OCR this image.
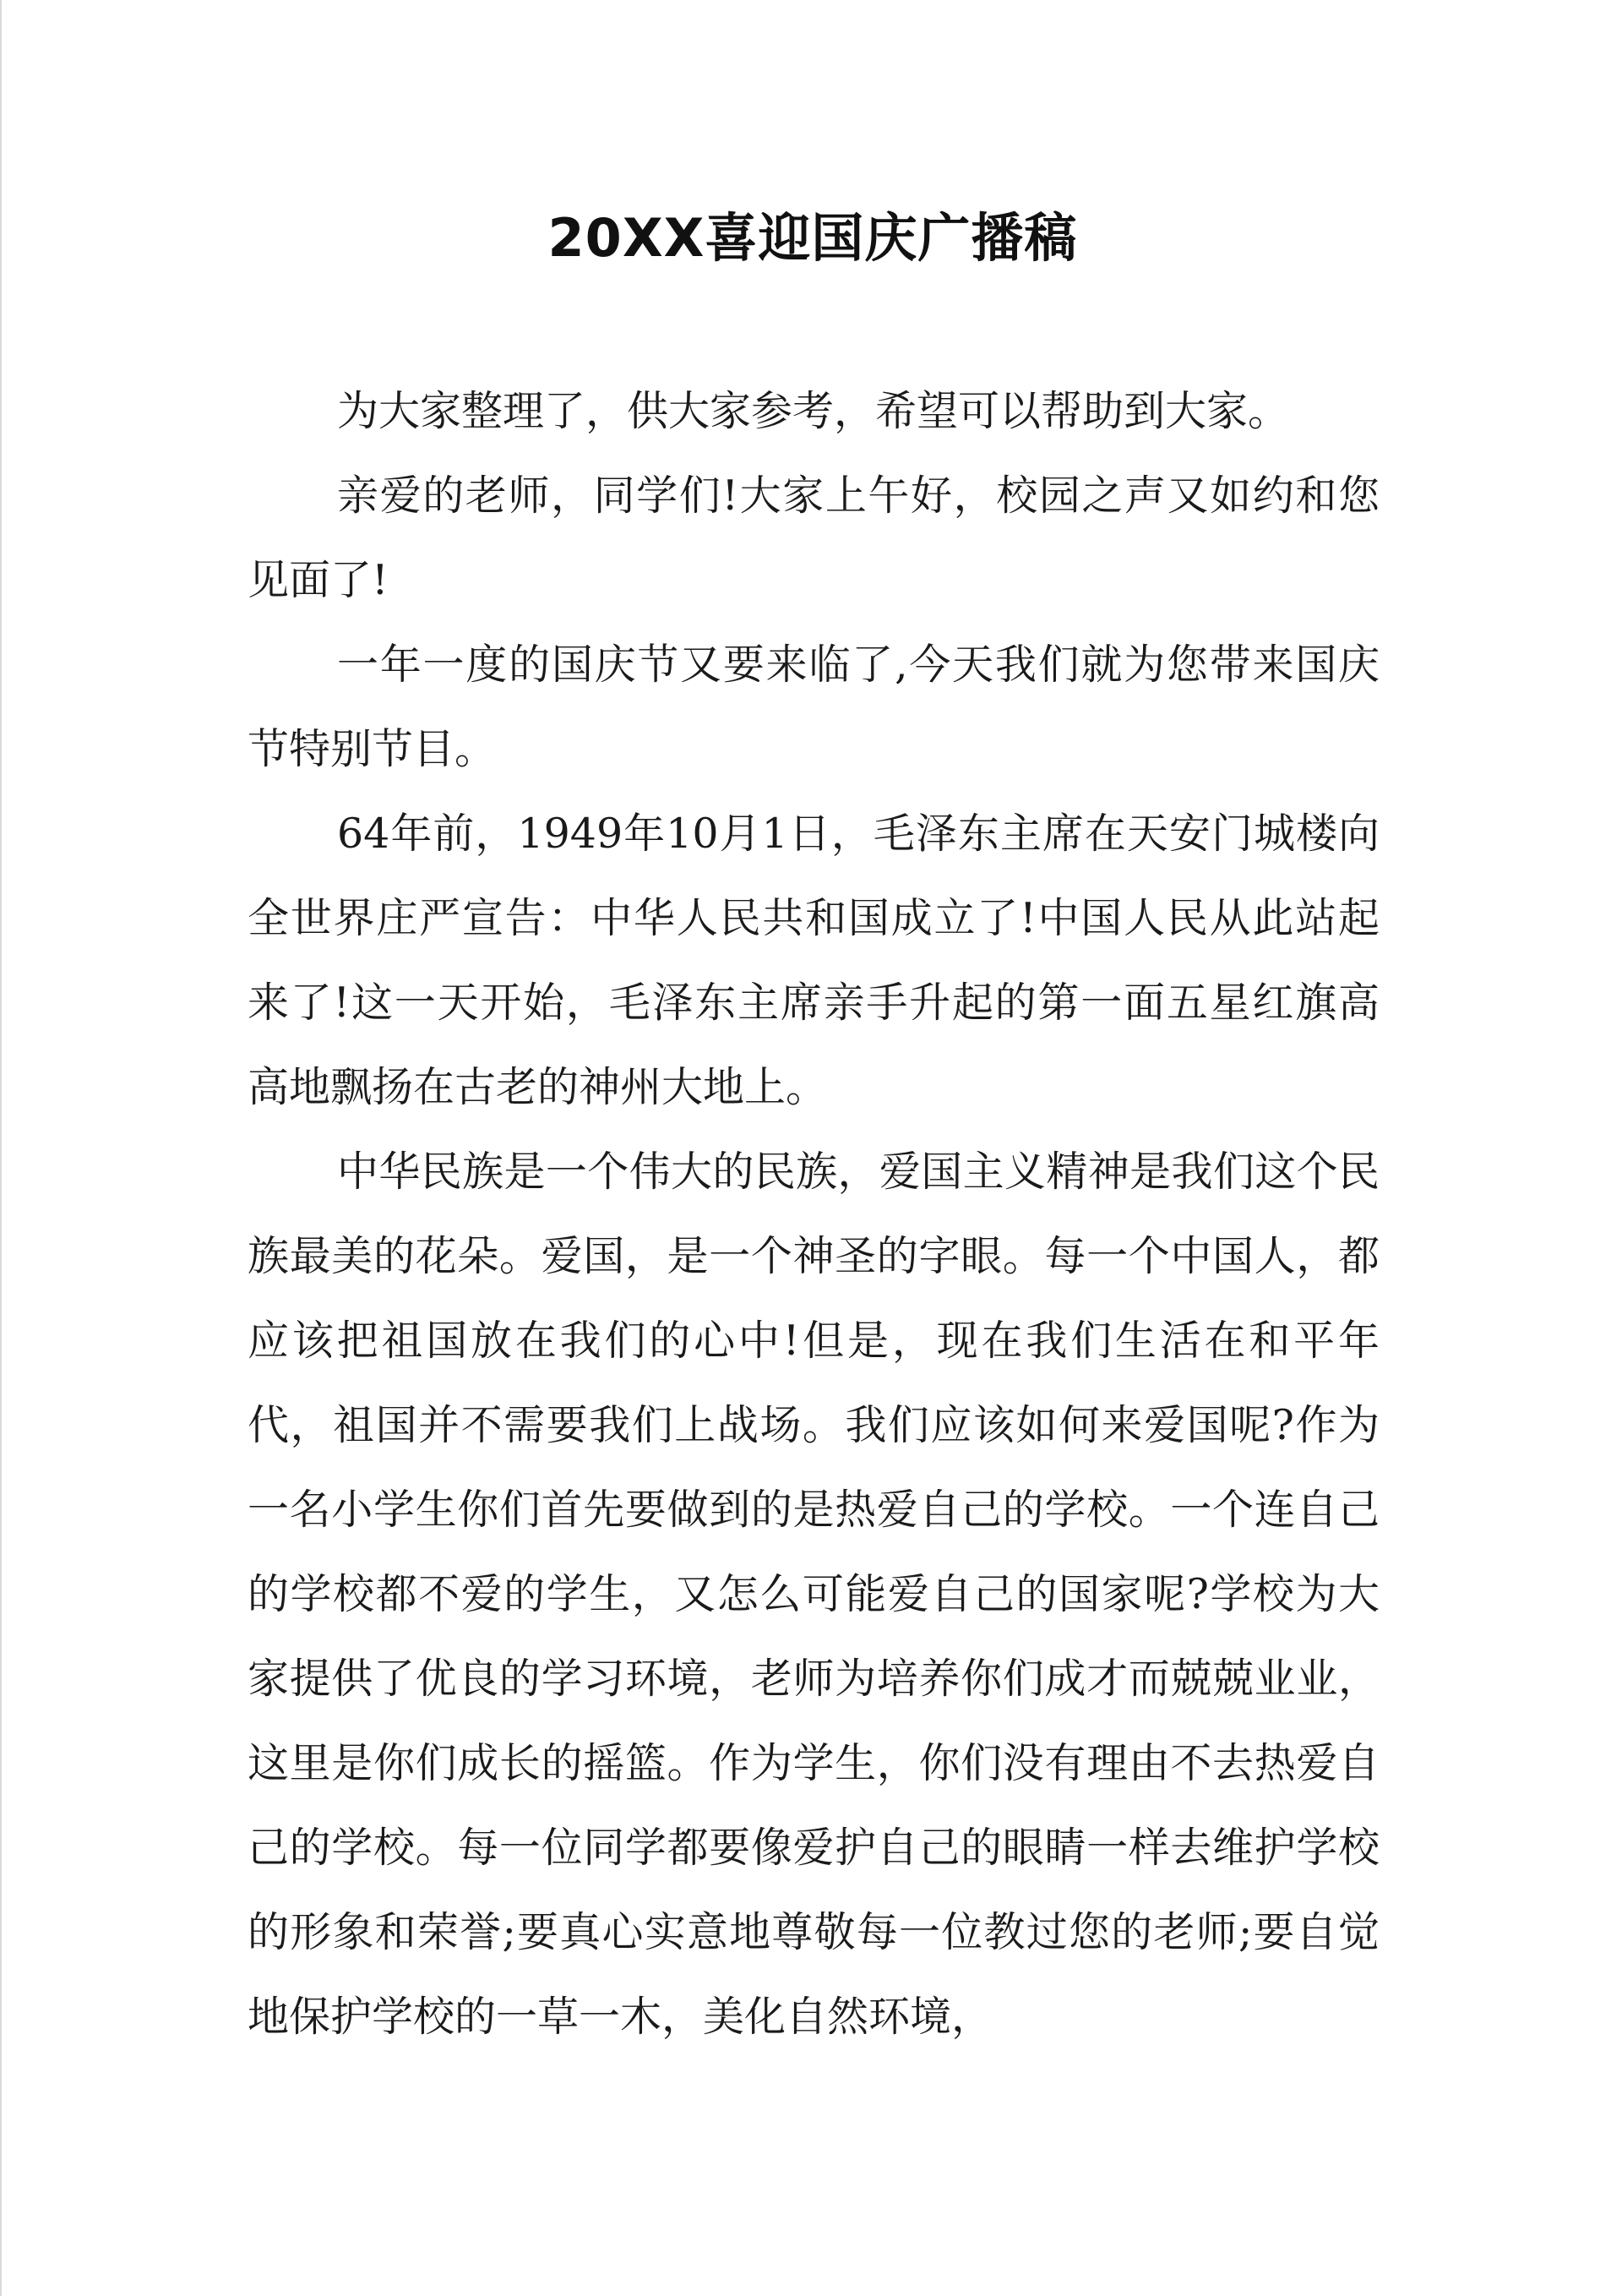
20XX喜迎国庆广播稿

为大家整理了，供大家参考，希望可以帮助到大家。

亲爱的老师，同学们!大家上午好，校园之声又如约和您见面了!

一年一度的国庆节又要来临了,今天我们就为您带来国庆节特别节目。

64年前，1949年10月1日，毛泽东主席在天安门城楼向全世界庄严宣告：中华人民共和国成立了!中国人民从此站起来了!这一天开始，毛泽东主席亲手升起的第一面五星红旗高高地飘扬在古老的神州大地上。

中华民族是一个伟大的民族，爱国主义精神是我们这个民族最美的花朵。爱国，是一个神圣的字眼。每一个中国人，都应该把祖国放在我们的心中!但是，现在我们生活在和平年代，祖国并不需要我们上战场。我们应该如何来爱国呢?作为一名小学生你们首先要做到的是热爱自己的学校。一个连自己的学校都不爱的学生，又怎么可能爱自己的国家呢?学校为大家提供了优良的学习环境，老师为培养你们成才而兢兢业业，这里是你们成长的摇篮。作为学生，你们没有理由不去热爱自己的学校。每一位同学都要像爱护自己的眼睛一样去维护学校的形象和荣誉;要真心实意地尊敬每一位教过您的老师;要自觉地保护学校的一草一木，美化自然环境，
